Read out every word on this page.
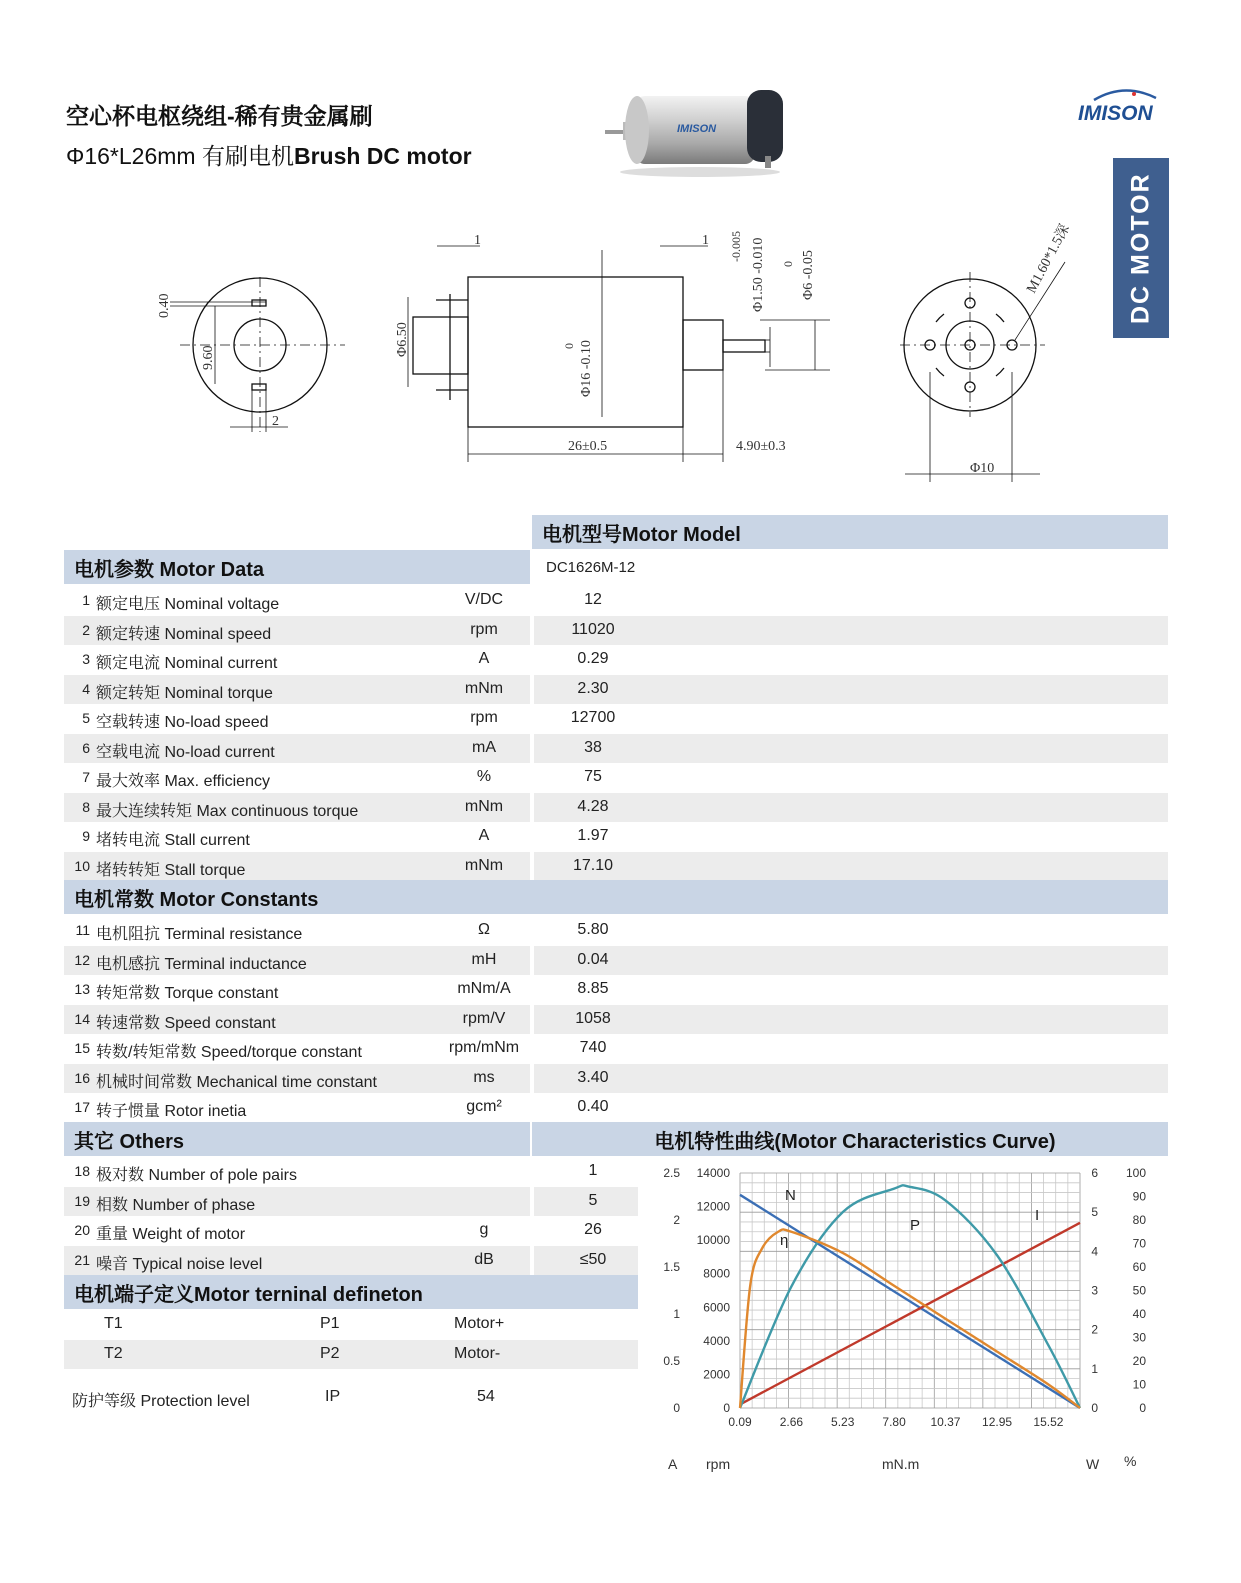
空心杯电枢绕组-稀有贵金属刷
Φ16*L26mm 有刷电机Brush DC motor
IMISON
IMISON
DC MOTOR
0.40
9.60
2
Φ6.50
1	1
0 Φ16 -0.10
26±0.5	4.90±0.3
-0.005 Φ1.50 -0.010 0 Φ6 -0.05	M1.60*1.5深
Φ10
电机型号Motor Model
电机参数 Motor Data	DC1626M-12
1 额定电压 Nominal voltage	V/DC	12
2 额定转速 Nominal speed	rpm	11020
3 额定电流 Nominal current	A	0.29
4 额定转矩 Nominal torque	mNm	2.30
5 空载转速 No-load speed	rpm	12700
6 空载电流 No-load current	mA	38
7 最大效率 Max. efficiency	%	75
8 最大连续转矩 Max continuous torque	mNm	4.28
9 堵转电流 Stall current	A	1.97
10 堵转转矩 Stall torque	mNm	17.10
电机常数 Motor Constants
11 电机阻抗 Terminal resistance	Ω	5.80
12 电机感抗 Terminal inductance	mH	0.04
13 转矩常数 Torque constant	mNm/A	8.85
14 转速常数 Speed constant	rpm/V	1058
15 转数/转矩常数 Speed/torque constant	rpm/mNm	740
16 机械时间常数 Mechanical time constant	ms	3.40
17 转子惯量 Rotor inetia	gcm²	0.40
其它 Others	电机特性曲线(Motor Characteristics Curve)
18 极对数 Number of pole pairs	1
19 相数 Number of phase	5
20 重量 Weight of motor	g	26
21 噪音 Typical noise level	dB	≤50
电机端子定义Motor terninal defineton
T1	P1	Motor+
T2	P2	Motor-
防护等级 Protection level	IP	54
0.09 2.66 5.23 7.80 10.37 12.95 15.52
0
0.5
1
1.5
2
2.5
0
2000
4000
6000
8000
10000
12000
14000
0
1
2
3
4
5
6
0
10
20
30
40
50
60
70
80
90
100
N
P
I
η
A rpm	mN.m	W %
